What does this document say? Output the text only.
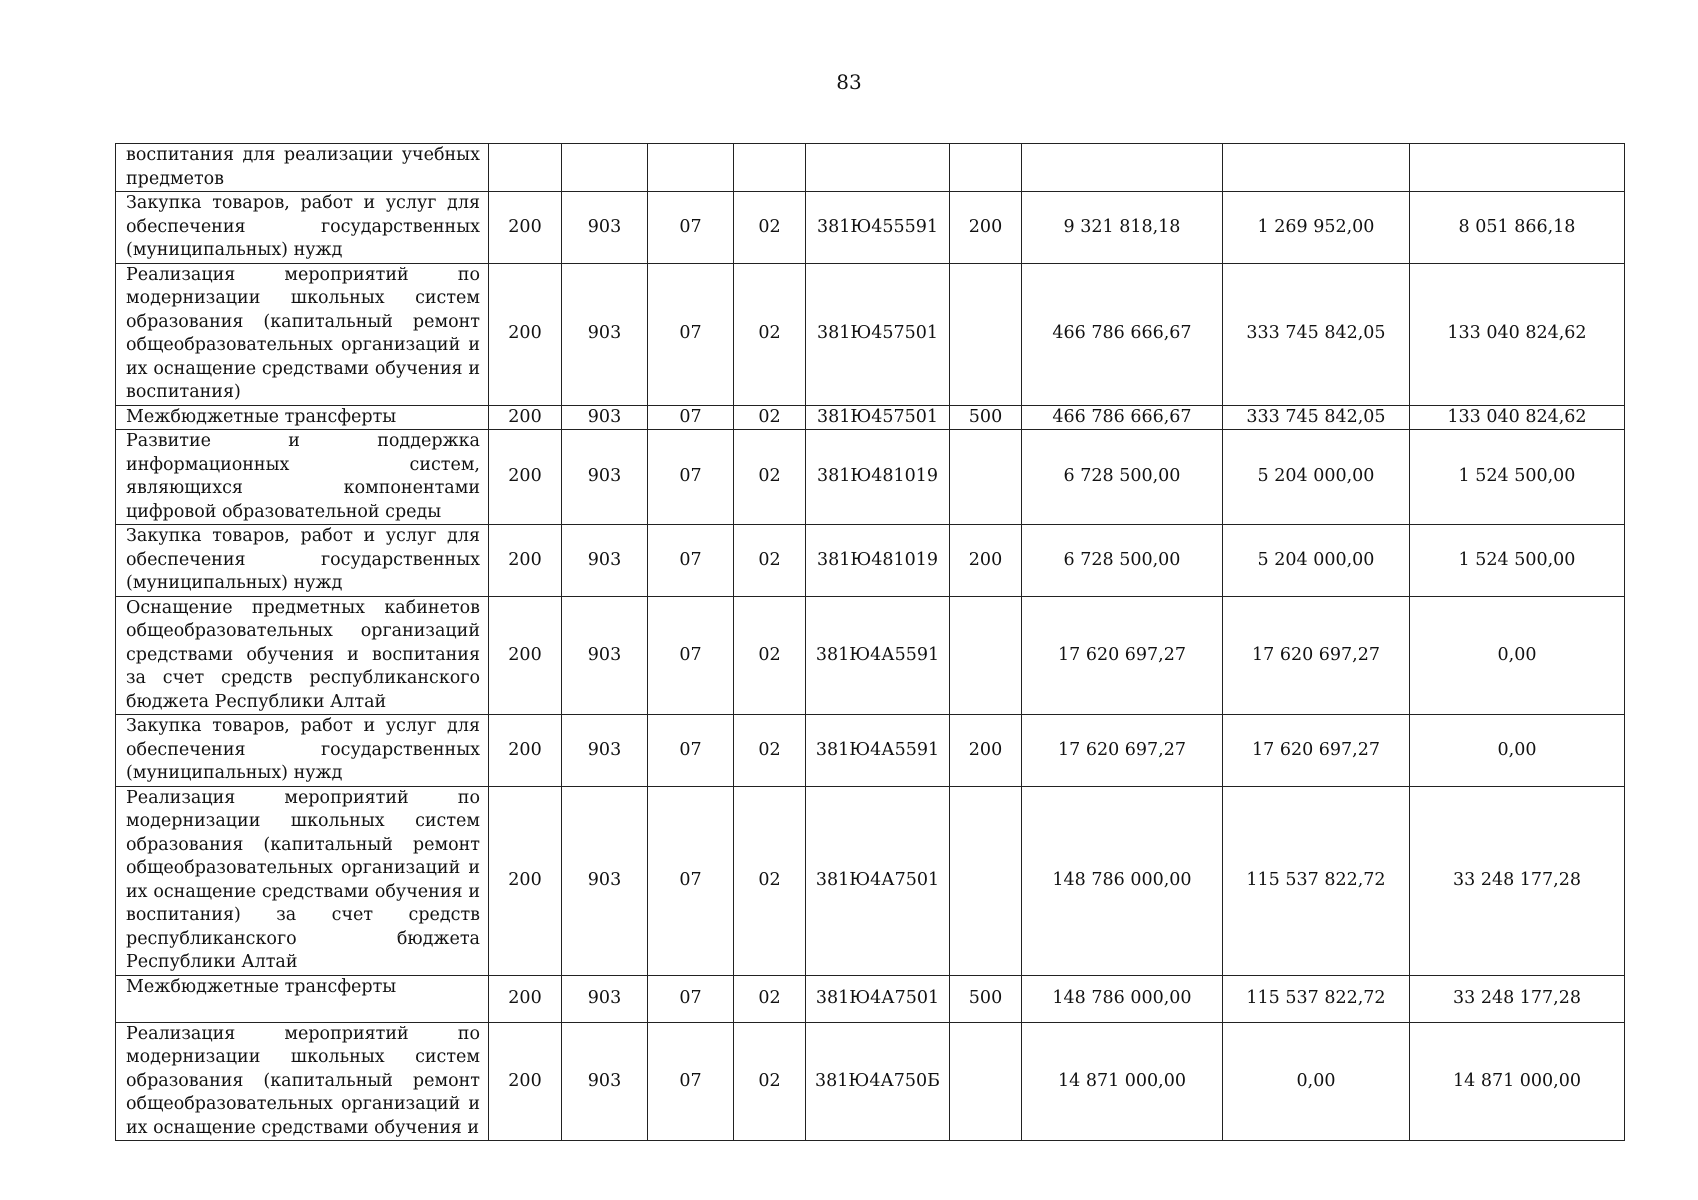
83
воспитания для реализации учебных предметов									
Закупка товаров, работ и услуг для обеспечения государственных (муниципальных) нужд	200	903	07	02	381Ю455591	200	9 321 818,18	1 269 952,00	8 051 866,18
Реализация мероприятий по модернизации школьных систем образования (капитальный ремонт общеобразовательных организаций и их оснащение средствами обучения и воспитания)	200	903	07	02	381Ю457501		466 786 666,67	333 745 842,05	133 040 824,62
Межбюджетные трансферты	200	903	07	02	381Ю457501	500	466 786 666,67	333 745 842,05	133 040 824,62
Развитие и поддержка информационных систем, являющихся компонентами цифровой образовательной среды	200	903	07	02	381Ю481019		6 728 500,00	5 204 000,00	1 524 500,00
Закупка товаров, работ и услуг для обеспечения государственных (муниципальных) нужд	200	903	07	02	381Ю481019	200	6 728 500,00	5 204 000,00	1 524 500,00
Оснащение предметных кабинетов общеобразовательных организаций средствами обучения и воспитания за счет средств республиканского бюджета Республики Алтай	200	903	07	02	381Ю4А5591		17 620 697,27	17 620 697,27	0,00
Закупка товаров, работ и услуг для обеспечения государственных (муниципальных) нужд	200	903	07	02	381Ю4А5591	200	17 620 697,27	17 620 697,27	0,00
Реализация мероприятий по модернизации школьных систем образования (капитальный ремонт общеобразовательных организаций и их оснащение средствами обучения и воспитания) за счет средств республиканского бюджета Республики Алтай	200	903	07	02	381Ю4А7501		148 786 000,00	115 537 822,72	33 248 177,28
Межбюджетные трансферты	200	903	07	02	381Ю4А7501	500	148 786 000,00	115 537 822,72	33 248 177,28
Реализация мероприятий по модернизации школьных систем образования (капитальный ремонт общеобразовательных организаций и их оснащение средствами обучения и	200	903	07	02	381Ю4А750Б		14 871 000,00	0,00	14 871 000,00
